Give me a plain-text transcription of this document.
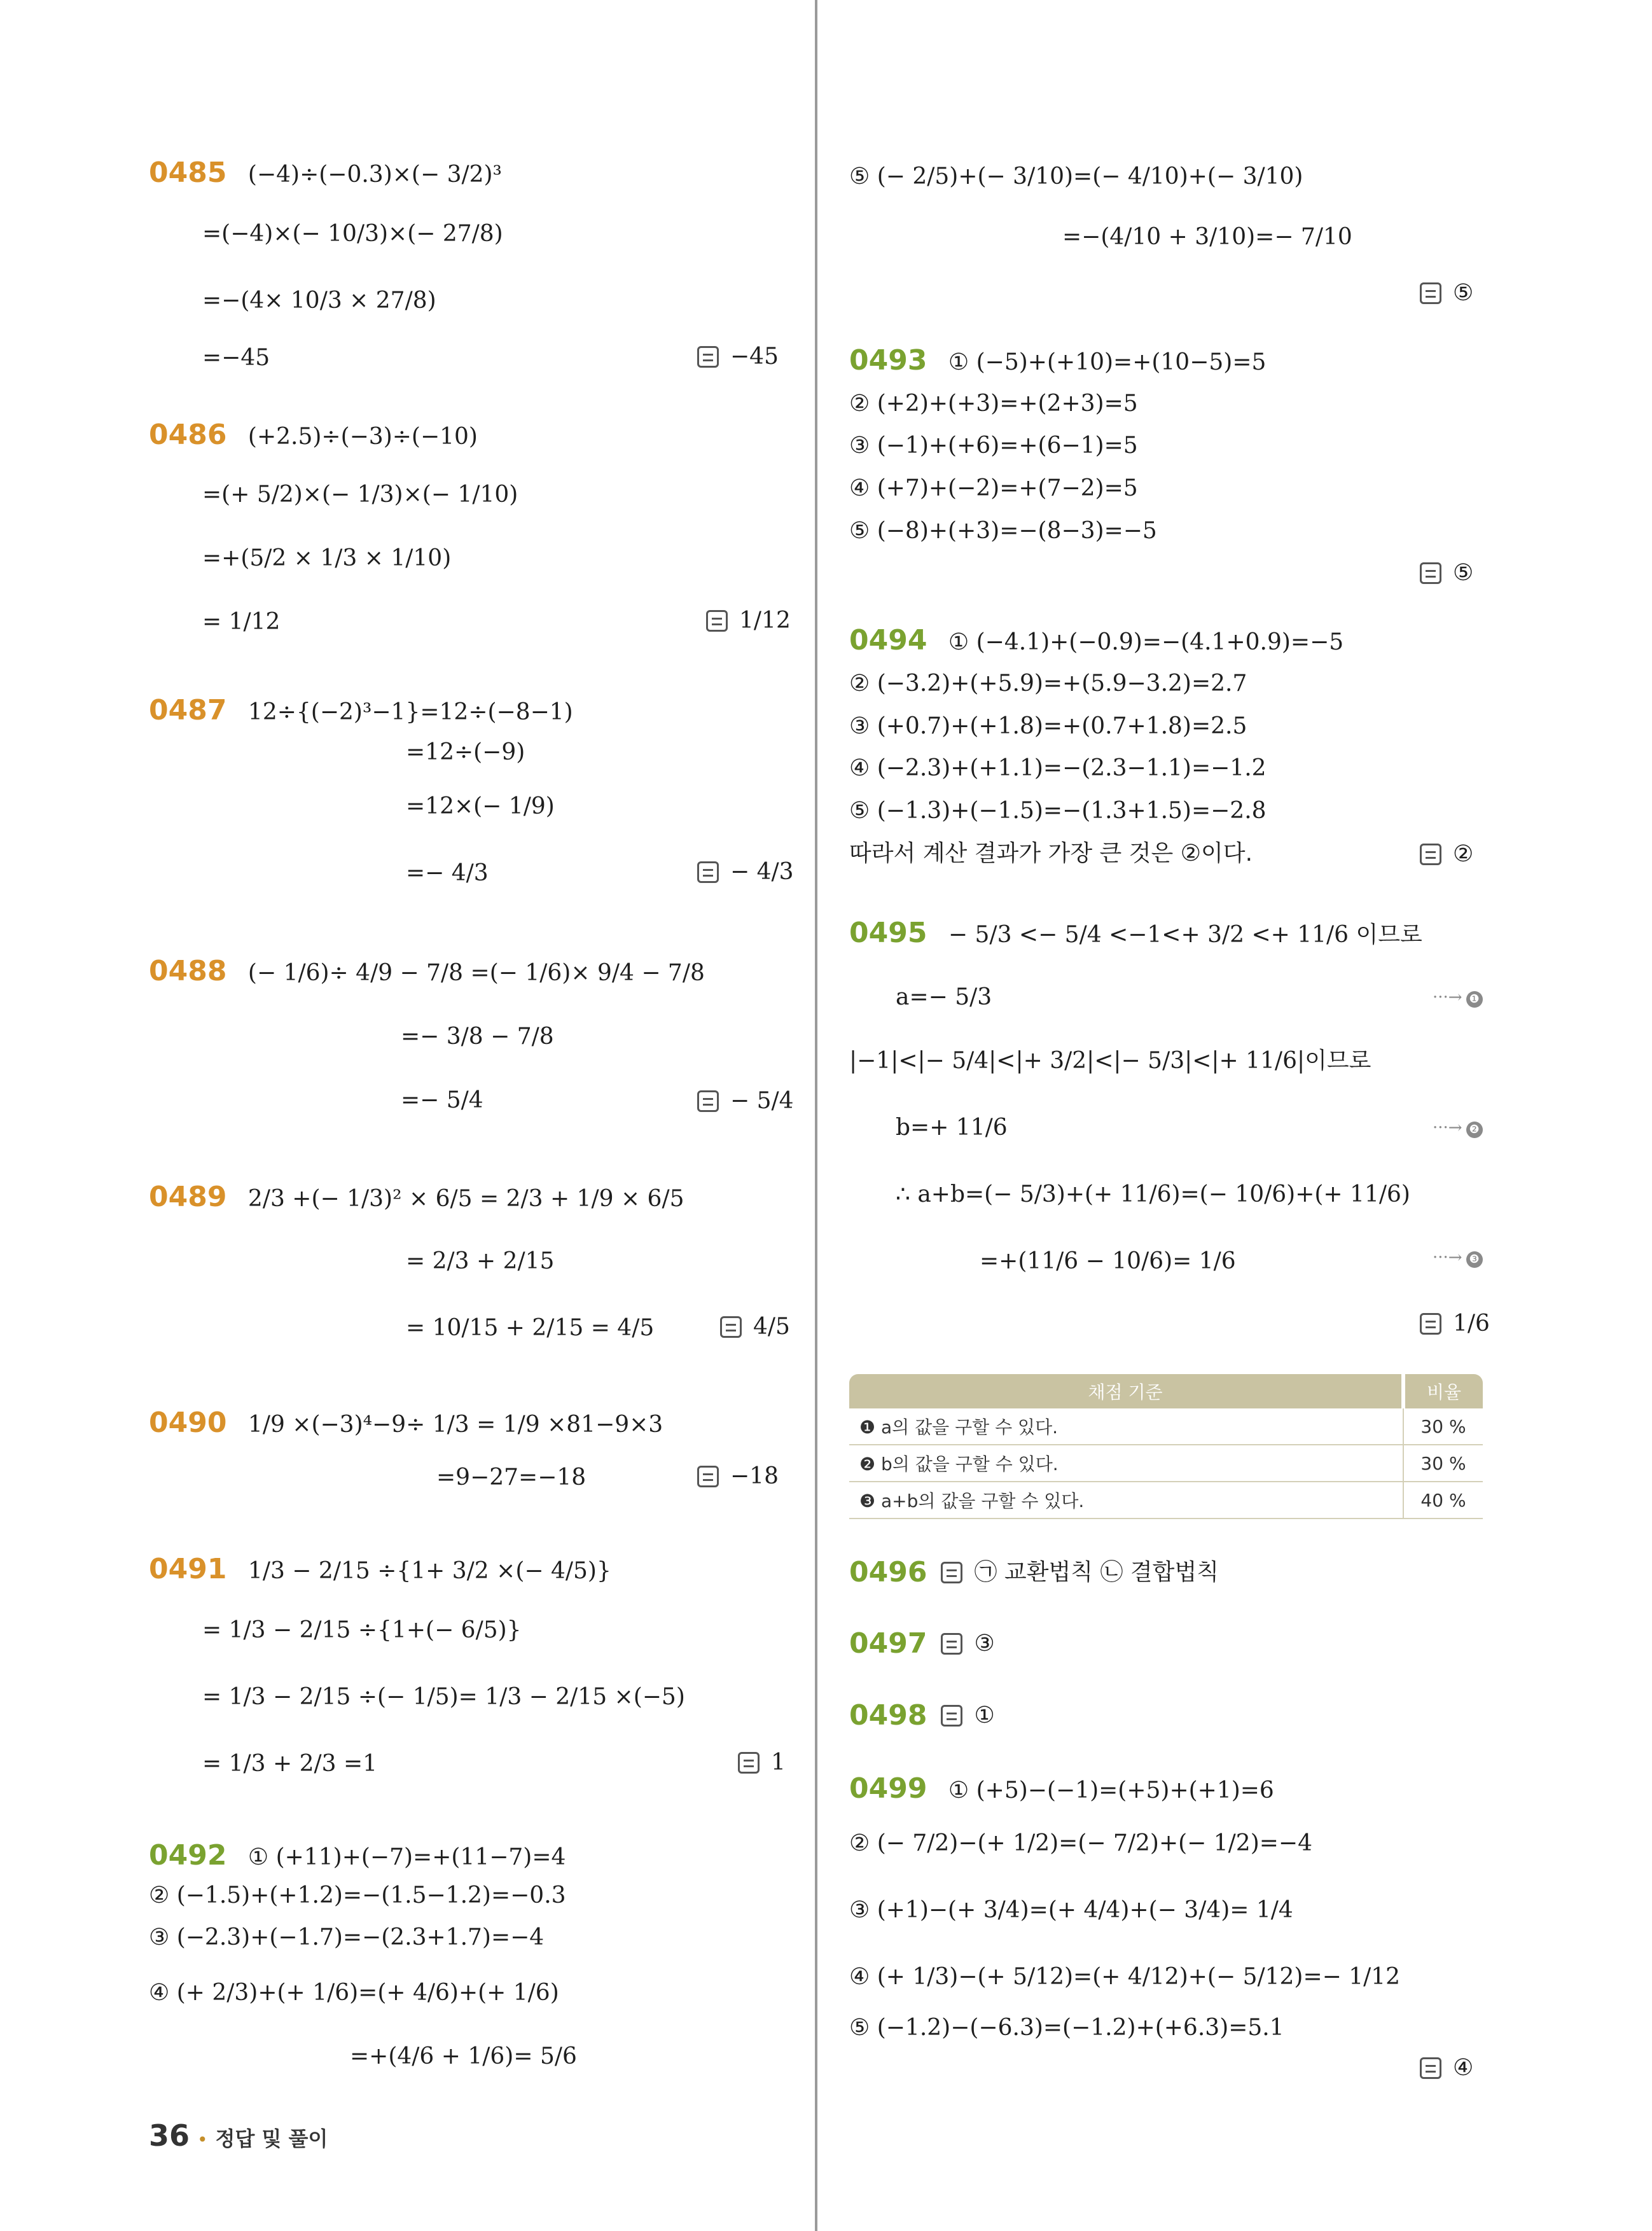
0485 (−4)÷(−0.3)×(− 3/2)³
=(−4)×(− 10/3)×(− 27/8)
=−(4× 10/3 × 27/8)
=−45	−45
0486 (+2.5)÷(−3)÷(−10)
=(+ 5/2)×(− 1/3)×(− 1/10)
=+(5/2 × 1/3 × 1/10)
= 1/12	1/12
0487 12÷{(−2)³−1}=12÷(−8−1)
=12÷(−9)
=12×(− 1/9)
=− 4/3	− 4/3
0488 (− 1/6)÷ 4/9 − 7/8 =(− 1/6)× 9/4 − 7/8
=− 3/8 − 7/8
=− 5/4	− 5/4
0489 2/3 +(− 1/3)² × 6/5 = 2/3 + 1/9 × 6/5
= 2/3 + 2/15
= 10/15 + 2/15 = 4/5	4/5
0490 1/9 ×(−3)⁴−9÷ 1/3 = 1/9 ×81−9×3
=9−27=−18	−18
0491 1/3 − 2/15 ÷{1+ 3/2 ×(− 4/5)}
= 1/3 − 2/15 ÷{1+(− 6/5)}
= 1/3 − 2/15 ÷(− 1/5)= 1/3 − 2/15 ×(−5)
= 1/3 + 2/3 =1	1
0492 ① (+11)+(−7)=+(11−7)=4
② (−1.5)+(+1.2)=−(1.5−1.2)=−0.3
③ (−2.3)+(−1.7)=−(2.3+1.7)=−4
④ (+ 2/3)+(+ 1/6)=(+ 4/6)+(+ 1/6)
=+(4/6 + 1/6)= 5/6
⑤ (− 2/5)+(− 3/10)=(− 4/10)+(− 3/10)
=−(4/10 + 3/10)=− 7/10
⑤
0493 ① (−5)+(+10)=+(10−5)=5
② (+2)+(+3)=+(2+3)=5
③ (−1)+(+6)=+(6−1)=5
④ (+7)+(−2)=+(7−2)=5
⑤ (−8)+(+3)=−(8−3)=−5
⑤
0494 ① (−4.1)+(−0.9)=−(4.1+0.9)=−5
② (−3.2)+(+5.9)=+(5.9−3.2)=2.7
③ (+0.7)+(+1.8)=+(0.7+1.8)=2.5
④ (−2.3)+(+1.1)=−(2.3−1.1)=−1.2
⑤ (−1.3)+(−1.5)=−(1.3+1.5)=−2.8
따라서 계산 결과가 가장 큰 것은 ②이다.	②
0495 − 5/3 <− 5/4 <−1<+ 3/2 <+ 11/6 이므로
a=− 5/3	···→ ❶
|−1|<|− 5/4|<|+ 3/2|<|− 5/3|<|+ 11/6|이므로
b=+ 11/6	···→ ❷
∴ a+b=(− 5/3)+(+ 11/6)=(− 10/6)+(+ 11/6)
=+(11/6 − 10/6)= 1/6	···→ ❸
1/6
채점 기준	비율
❶ a의 값을 구할 수 있다.	30 %
❷ b의 값을 구할 수 있다.	30 %
❸ a+b의 값을 구할 수 있다.	40 %
0496 ㉠ 교환법칙 ㉡ 결합법칙
0497 ③
0498 ①
0499 ① (+5)−(−1)=(+5)+(+1)=6
② (− 7/2)−(+ 1/2)=(− 7/2)+(− 1/2)=−4
③ (+1)−(+ 3/4)=(+ 4/4)+(− 3/4)= 1/4
④ (+ 1/3)−(+ 5/12)=(+ 4/12)+(− 5/12)=− 1/12
⑤ (−1.2)−(−6.3)=(−1.2)+(+6.3)=5.1
④
36 • 정답 및 풀이
